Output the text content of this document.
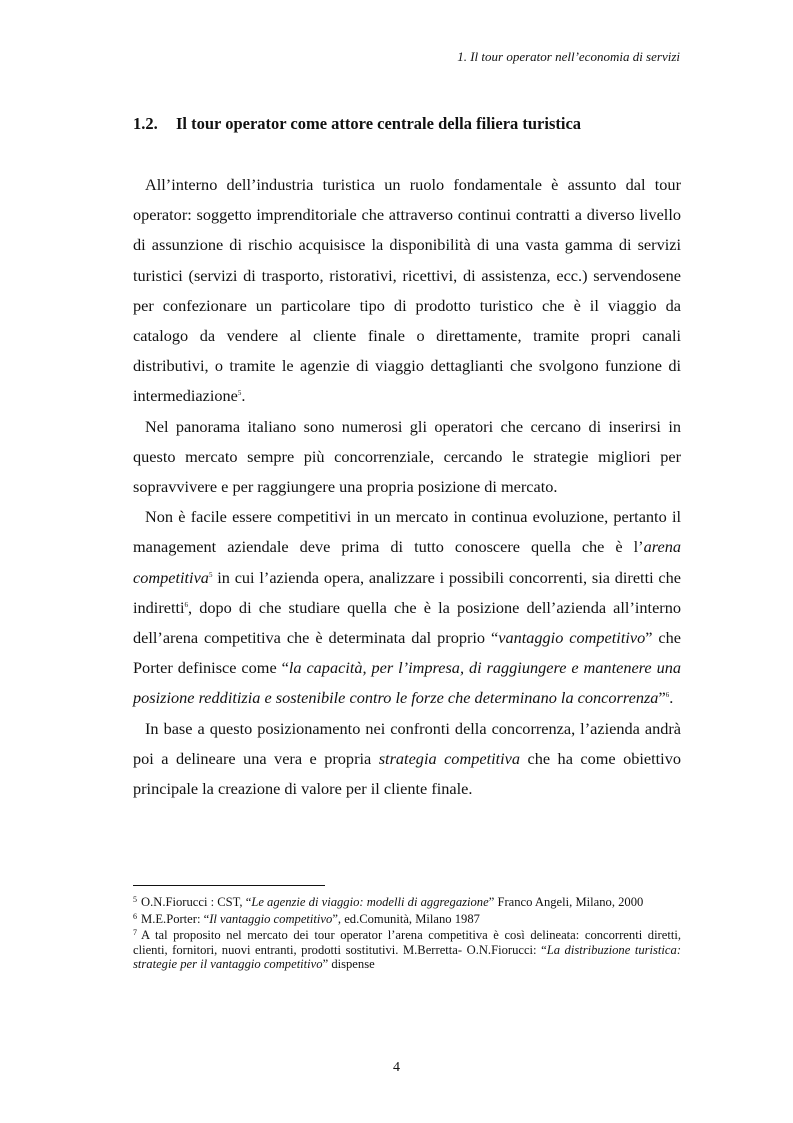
1. Il tour operator nell’economia di servizi
1.2. Il tour operator come attore centrale della filiera turistica

All’interno dell’industria turistica un ruolo fondamentale è assunto dal tour operator: soggetto imprenditoriale che attraverso continui contratti a diverso livello di assunzione di rischio acquisisce la disponibilità di una vasta gamma di servizi turistici (servizi di trasporto, ristorativi, ricettivi, di assistenza, ecc.) servendosene per confezionare un particolare tipo di prodotto turistico che è il viaggio da catalogo da vendere al cliente finale o direttamente, tramite propri canali distributivi, o tramite le agenzie di viaggio dettaglianti che svolgono funzione di intermediazione$^5$.

Nel panorama italiano sono numerosi gli operatori che cercano di inserirsi in questo mercato sempre più concorrenziale, cercando le strategie migliori per sopravvivere e per raggiungere una propria posizione di mercato.

Non è facile essere competitivi in un mercato in continua evoluzione, pertanto il management aziendale deve prima di tutto conoscere quella che è l’arena competitiva$^5$ in cui l’azienda opera, analizzare i possibili concorrenti, sia diretti che indiretti$^6$, dopo di che studiare quella che è la posizione dell’azienda all’interno dell’arena competitiva che è determinata dal proprio “vantaggio competitivo” che Porter definisce come “la capacità, per l’impresa, di raggiungere e mantenere una posizione redditizia e sostenibile contro le forze che determinano la concorrenza”$^6$.

In base a questo posizionamento nei confronti della concorrenza, l’azienda andrà poi a delineare una vera e propria strategia competitiva che ha come obiettivo principale la creazione di valore per il cliente finale.

$^5$ O.N.Fiorucci : CST, “Le agenzie di viaggio: modelli di aggregazione” Franco Angeli, Milano, 2000

$^6$ M.E.Porter: “Il vantaggio competitivo”, ed.Comunità, Milano 1987

$^7$ A tal proposito nel mercato dei tour operator l’arena competitiva è così delineata: concorrenti diretti, clienti, fornitori, nuovi entranti, prodotti sostitutivi. M.Berretta- O.N.Fiorucci: “La distribuzione turistica: strategie per il vantaggio competitivo” dispense

4
